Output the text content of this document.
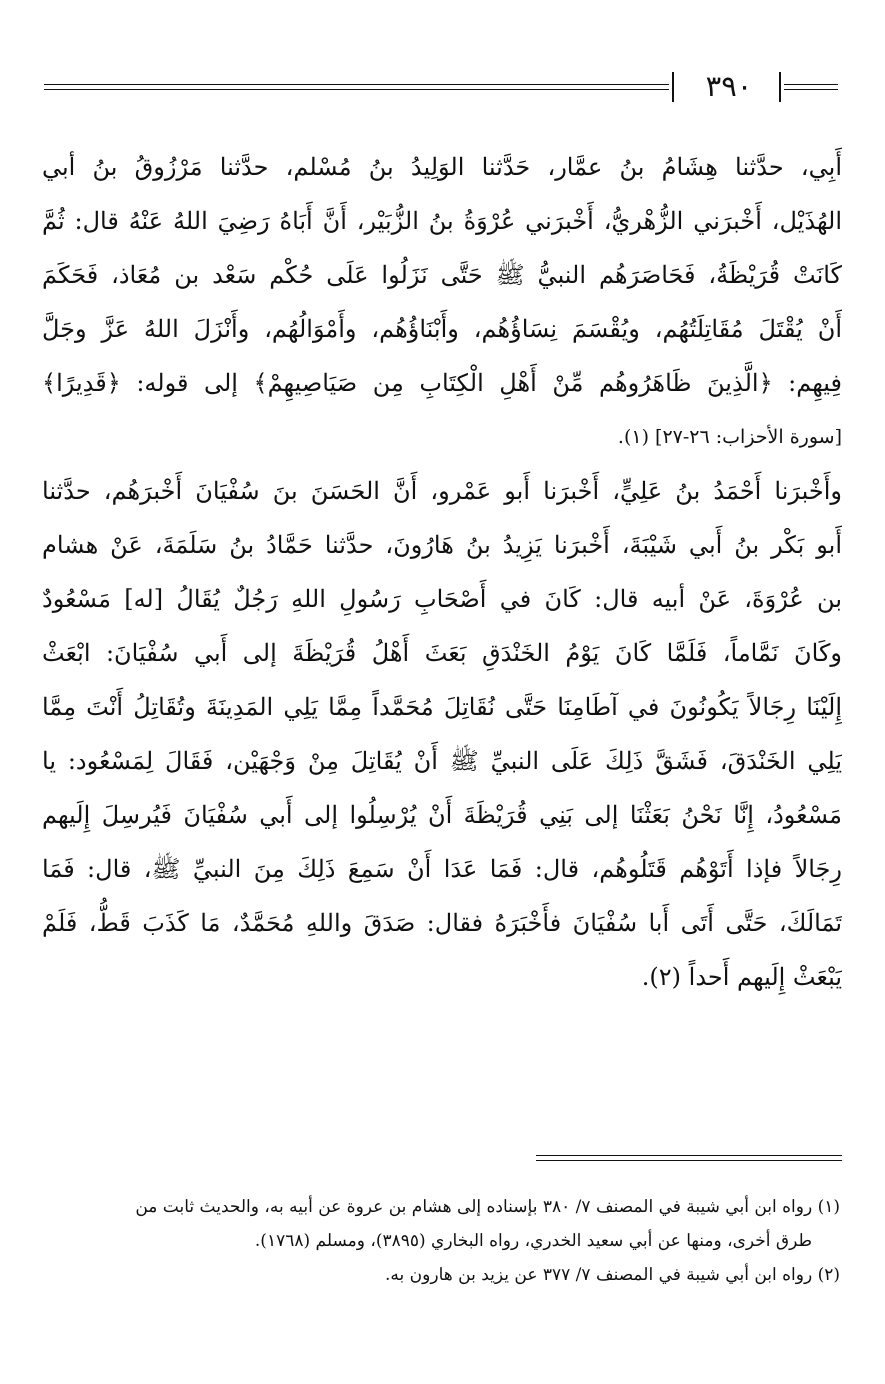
٣٩٠
أَبِي، حدَّثنا هِشَامُ بنُ عمَّار، حَدَّثنا الوَلِيدُ بنُ مُسْلم، حدَّثنا مَرْزُوقُ بنُ أبي
الهُذَيْل، أَخْبرَني الزُّهْريُّ، أَخْبرَني عُرْوَةُ بنُ الزُّبَيْر، أَنَّ أَبَاهُ رَضِيَ اللهُ عَنْهُ قال: ثُمَّ
كَانَتْ قُرَيْظَةُ، فَحَاصَرَهُم النبيُّ ﷺ حَتَّى نَزَلُوا عَلَى حُكْم سَعْد بن مُعَاذ، فَحَكَمَ
أَنْ يُقْتَلَ مُقَاتِلَتُهُم، ويُقْسَمَ نِسَاؤُهُم، وأَبْنَاؤُهُم، وأَمْوَالُهُم، وأَنْزَلَ اللهُ عَزَّ وجَلَّ
فِيهِم: ﴿الَّذِينَ ظَاهَرُوهُم مِّنْ أَهْلِ الْكِتَابِ مِن صَيَاصِيهِمْ﴾ إلى قوله: ﴿قَدِيرًا﴾
[سورة الأحزاب: ٢٦-٢٧] (١).
وأَخْبرَنا أَحْمَدُ بنُ عَلِيٍّ، أَخْبرَنا أَبو عَمْرو، أَنَّ الحَسَنَ بنَ سُفْيَانَ أَخْبرَهُم، حدَّثنا
أَبو بَكْر بنُ أَبي شَيْبَةَ، أَخْبرَنا يَزِيدُ بنُ هَارُونَ، حدَّثنا حَمَّادُ بنُ سَلَمَةَ، عَنْ هشام
بن عُرْوَةَ، عَنْ أبيه قال: كَانَ في أَصْحَابِ رَسُولِ اللهِ رَجُلٌ يُقَالُ [له] مَسْعُودٌ
وكَانَ نَمَّاماً، فَلَمَّا كَانَ يَوْمُ الخَنْدَقِ بَعَثَ أَهْلُ قُرَيْظَةَ إلى أَبي سُفْيَانَ: ابْعَثْ
إِلَيْنَا رِجَالاً يَكُونُونَ في آطَامِنَا حَتَّى نُقَاتِلَ مُحَمَّداً مِمَّا يَلِي المَدِينَةَ وتُقَاتِلُ أَنْتَ مِمَّا
يَلِي الخَنْدَقَ، فَشَقَّ ذَلِكَ عَلَى النبيِّ ﷺ أَنْ يُقَاتِلَ مِنْ وَجْهَيْن، فَقَالَ لِمَسْعُود: يا
مَسْعُودُ، إِنَّا نَحْنُ بَعَثْنَا إلى بَنِي قُرَيْظَةَ أَنْ يُرْسِلُوا إلى أَبي سُفْيَانَ فَيُرسِلَ إِلَيهم
رِجَالاً فإذا أَتَوْهُم قَتَلُوهُم، قال: فَمَا عَدَا أَنْ سَمِعَ ذَلِكَ مِنَ النبيِّ ﷺ، قال: فَمَا
تَمَالَكَ، حَتَّى أَتَى أَبا سُفْيَانَ فأَخْبَرَهُ فقال: صَدَقَ واللهِ مُحَمَّدٌ، مَا كَذَبَ قَطُّ، فَلَمْ
يَبْعَثْ إِلَيهم أَحداً (٢).
(١) رواه ابن أبي شيبة في المصنف ٧/ ٣٨٠ بإسناده إلى هشام بن عروة عن أبيه به، والحديث ثابت من
طرق أخرى، ومنها عن أبي سعيد الخدري، رواه البخاري (٣٨٩٥)، ومسلم (١٧٦٨).
(٢) رواه ابن أبي شيبة في المصنف ٧/ ٣٧٧ عن يزيد بن هارون به.
